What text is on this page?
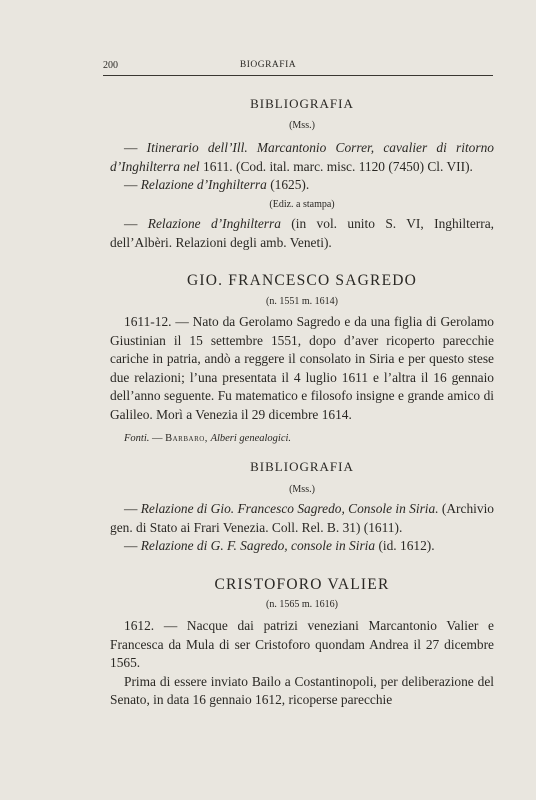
200	BIOGRAFIA
BIBLIOGRAFIA
(Mss.)

— Itinerario dell’Ill. Marcantonio Correr, cavalier di ritorno d’Inghilterra nel 1611. (Cod. ital. marc. misc. 1120 (7450) Cl. VII).

— Relazione d’Inghilterra (1625).

(Ediz. a stampa)

— Relazione d’Inghilterra (in vol. unito S. VI, Inghilterra, dell’Albèri. Relazioni degli amb. Veneti).

GIO. FRANCESCO SAGREDO
(n. 1551 m. 1614)

1611-12. — Nato da Gerolamo Sagredo e da una figlia di Gerolamo Giustinian il 15 settembre 1551, dopo d’aver ricoperto parecchie cariche in patria, andò a reggere il consolato in Siria e per questo stese due relazioni; l’una presentata il 4 luglio 1611 e l’altra il 16 gennaio dell’anno seguente. Fu matematico e filosofo insigne e grande amico di Galileo. Morì a Venezia il 29 dicembre 1614.

Fonti. — Barbaro, Alberi genealogici.
BIBLIOGRAFIA
(Mss.)

— Relazione di Gio. Francesco Sagredo, Console in Siria. (Archivio gen. di Stato ai Frari Venezia. Coll. Rel. B. 31) (1611).

— Relazione di G. F. Sagredo, console in Siria (id. 1612).

CRISTOFORO VALIER
(n. 1565 m. 1616)

1612. — Nacque dai patrizi veneziani Marcantonio Valier e Francesca da Mula di ser Cristoforo quondam Andrea il 27 dicembre 1565.

Prima di essere inviato Bailo a Costantinopoli, per deliberazione del Senato, in data 16 gennaio 1612, ricoperse parecchie
